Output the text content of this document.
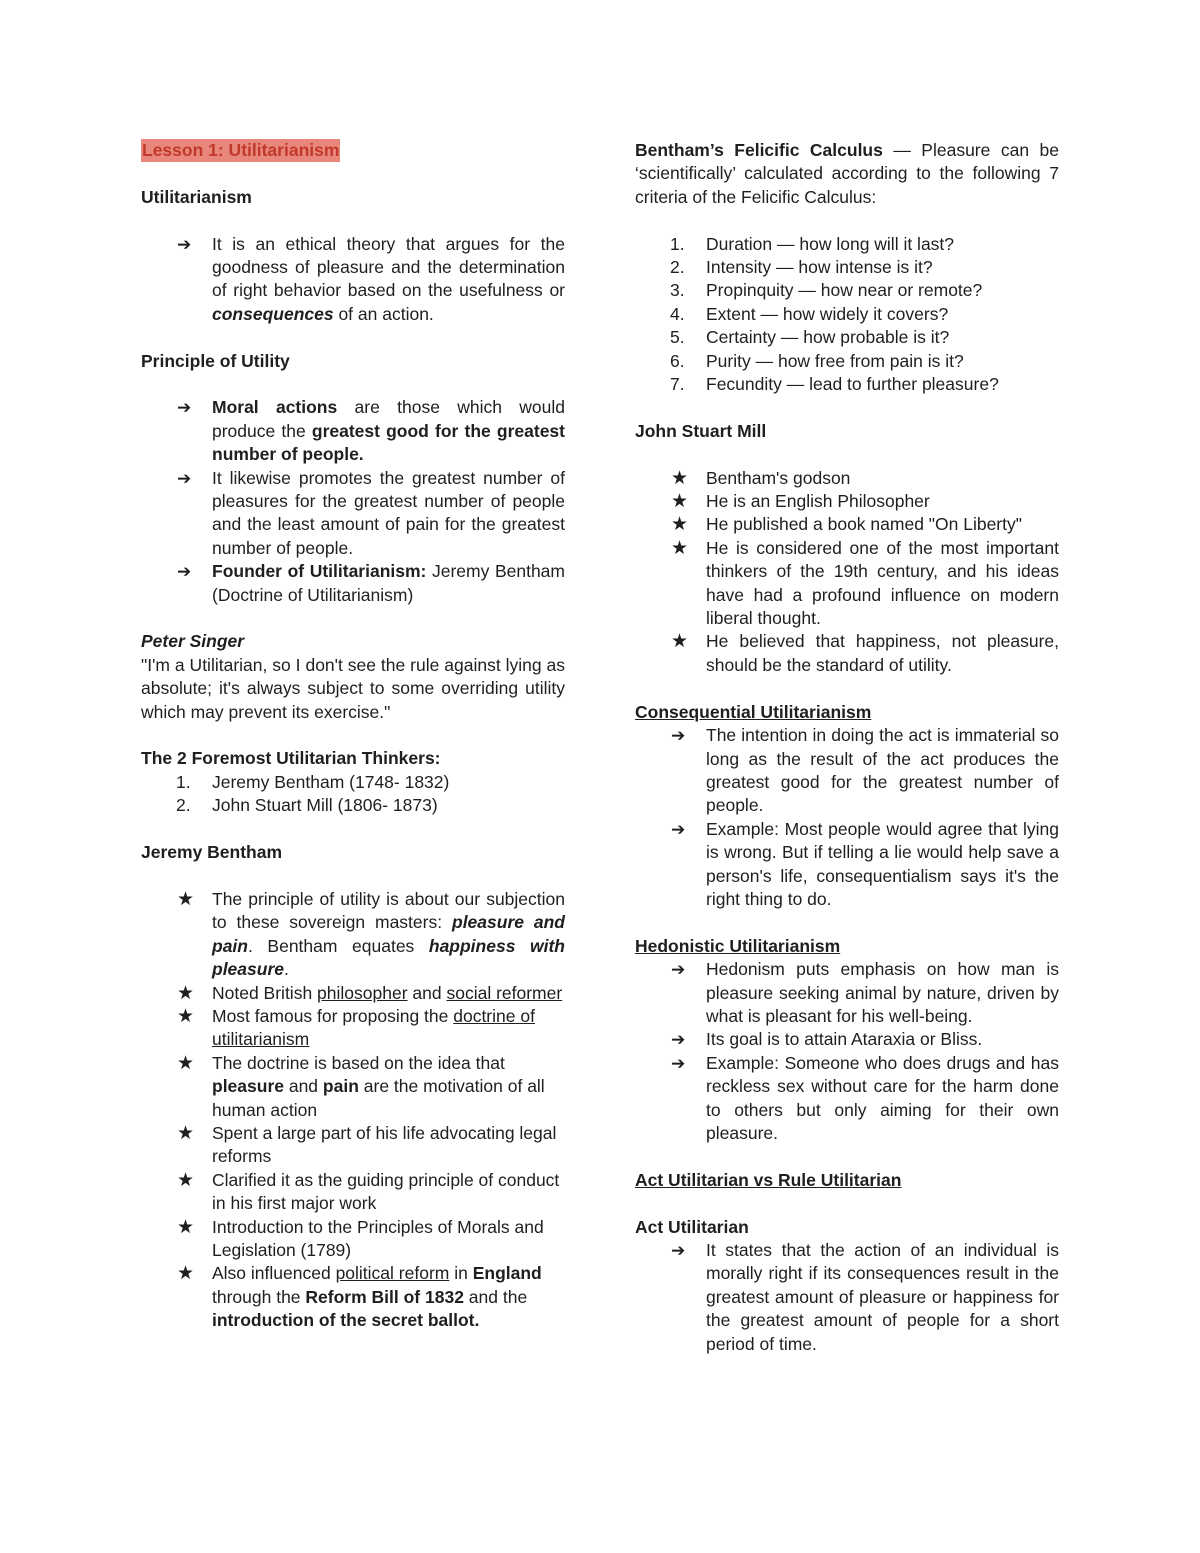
Lesson 1: Utilitarianism

Utilitarianism

➔	It is an ethical theory that argues for the goodness of pleasure and the determination of right behavior based on the usefulness or consequences of an action.

Principle of Utility

➔	Moral actions are those which would produce the greatest good for the greatest number of people.
➔	It likewise promotes the greatest number of pleasures for the greatest number of people and the least amount of pain for the greatest number of people.
➔	Founder of Utilitarianism: Jeremy Bentham (Doctrine of Utilitarianism)

Peter Singer

"I'm a Utilitarian, so I don't see the rule against lying as absolute; it's always subject to some overriding utility which may prevent its exercise."

The 2 Foremost Utilitarian Thinkers:

1. Jeremy Bentham (1748- 1832)
2. John Stuart Mill (1806- 1873)

Jeremy Bentham

★	The principle of utility is about our subjection to these sovereign masters: pleasure and pain. Bentham equates happiness with pleasure.
★	Noted British philosopher and social reformer
★	Most famous for proposing the doctrine of utilitarianism
★	The doctrine is based on the idea that pleasure and pain are the motivation of all human action
★	Spent a large part of his life advocating legal reforms
★	Clarified it as the guiding principle of conduct in his first major work
★	Introduction to the Principles of Morals and Legislation (1789)
★	Also influenced political reform in England through the Reform Bill of 1832 and the introduction of the secret ballot.

Bentham’s Felicific Calculus — Pleasure can be ‘scientifically’ calculated according to the following 7 criteria of the Felicific Calculus:

1. Duration — how long will it last?
2. Intensity — how intense is it?
3. Propinquity — how near or remote?
4. Extent — how widely it covers?
5. Certainty — how probable is it?
6. Purity — how free from pain is it?
7. Fecundity — lead to further pleasure?

John Stuart Mill

★	Bentham's godson
★	He is an English Philosopher
★	He published a book named "On Liberty"
★	He is considered one of the most important thinkers of the 19th century, and his ideas have had a profound influence on modern liberal thought.
★	He believed that happiness, not pleasure, should be the standard of utility.

Consequential Utilitarianism

➔	The intention in doing the act is immaterial so long as the result of the act produces the greatest good for the greatest number of people.
➔	Example: Most people would agree that lying is wrong. But if telling a lie would help save a person's life, consequentialism says it's the right thing to do.

Hedonistic Utilitarianism

➔	Hedonism puts emphasis on how man is pleasure seeking animal by nature, driven by what is pleasant for his well-being.
➔	Its goal is to attain Ataraxia or Bliss.
➔	Example: Someone who does drugs and has reckless sex without care for the harm done to others but only aiming for their own pleasure.

Act Utilitarian vs Rule Utilitarian

Act Utilitarian

➔	It states that the action of an individual is morally right if its consequences result in the greatest amount of pleasure or happiness for the greatest amount of people for a short period of time.
